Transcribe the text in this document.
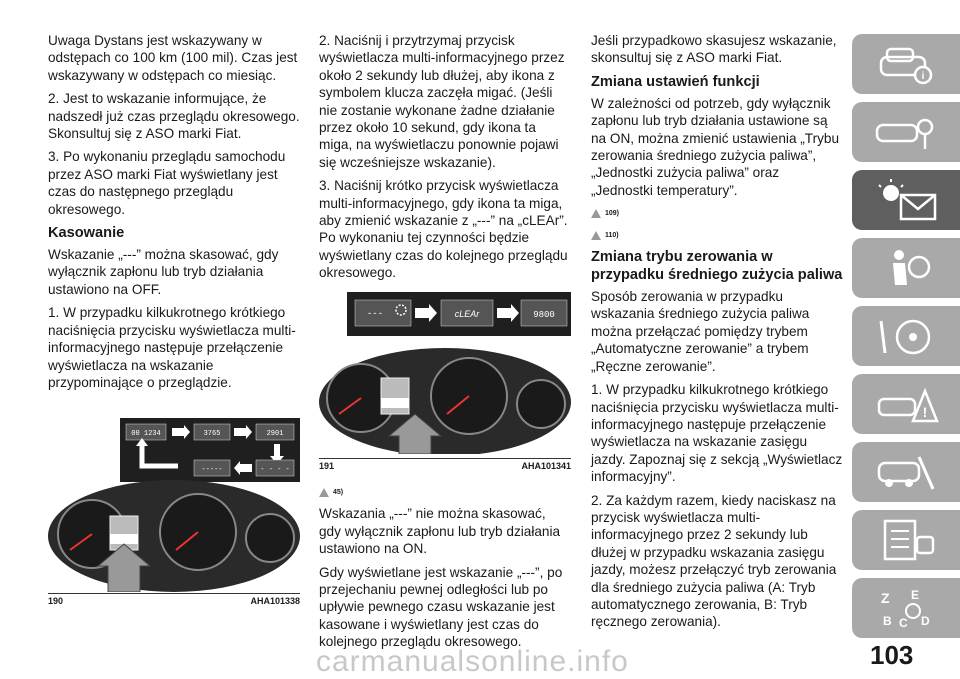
Uwaga Dystans jest wskazywany w odstępach co 100 km (100 mil). Czas jest wskazywany w odstępach co miesiąc.

2. Jest to wskazanie informujące, że nadszedł już czas przeglądu okresowego. Skonsultuj się z ASO marki Fiat.

3. Po wykonaniu przeglądu samochodu przez ASO marki Fiat wyświetlany jest czas do następnego przeglądu okresowego.

Kasowanie

Wskazanie „---” można skasować, gdy wyłącznik zapłonu lub tryb działania ustawiono na OFF.

1. W przypadku kilkukrotnego krótkiego naciśnięcia przycisku wyświetlacza multi-informacyjnego następuje przełączenie wyświetlacza na wskazanie przypominające o przeglądzie.

00 1234	3765	2901
- - - -
-----
190	AHA101338

2. Naciśnij i przytrzymaj przycisk wyświetlacza multi-informacyjnego przez około 2 sekundy lub dłużej, aby ikona z symbolem klucza zaczęła migać. (Jeśli nie zostanie wykonane żadne działanie przez około 10 sekund, gdy ikona ta miga, na wyświetlaczu ponownie pojawi się wcześniejsze wskazanie).

3. Naciśnij krótko przycisk wyświetlacza multi-informacyjnego, gdy ikona ta miga, aby zmienić wskazanie z „---” na „cLEAr”. Po wykonaniu tej czynności będzie wyświetlany czas do kolejnego przeglądu okresowego.

---	cLEAr	9800
191	AHA101341
45)

Wskazania „---” nie można skasować, gdy wyłącznik zapłonu lub tryb działania ustawiono na ON.

Gdy wyświetlane jest wskazanie „---”, po przejechaniu pewnej odległości lub po upływie pewnego czasu wskazanie jest kasowane i wyświetlany jest czas do kolejnego przeglądu okresowego.

Jeśli przypadkowo skasujesz wskazanie, skonsultuj się z ASO marki Fiat.

Zmiana ustawień funkcji

W zależności od potrzeb, gdy wyłącznik zapłonu lub tryb działania ustawione są na ON, można zmienić ustawienia „Trybu zerowania średniego zużycia paliwa”, „Jednostki zużycia paliwa” oraz „Jednostki temperatury”.

109)
110)
Zmiana trybu zerowania w przypadku średniego zużycia paliwa

Sposób zerowania w przypadku wskazania średniego zużycia paliwa można przełączać pomiędzy trybem „Automatyczne zerowanie” a trybem „Ręczne zerowanie”.

1. W przypadku kilkukrotnego krótkiego naciśnięcia przycisku wyświetlacza multi-informacyjnego następuje przełączenie wyświetlacza na wskazanie zasięgu jazdy. Zapoznaj się z sekcją „Wyświetlacz informacyjny”.

2. Za każdym razem, kiedy naciskasz na przycisk wyświetlacza multi-informacyjnego przez 2 sekundy lub dłużej w przypadku wskazania zasięgu jazdy, możesz przełączyć tryb zerowania dla średniego zużycia paliwa (A: Tryb automatycznego zerowania, B: Tryb ręcznego zerowania).

i
!
Z E
B C D
103
carmanualsonline.info
